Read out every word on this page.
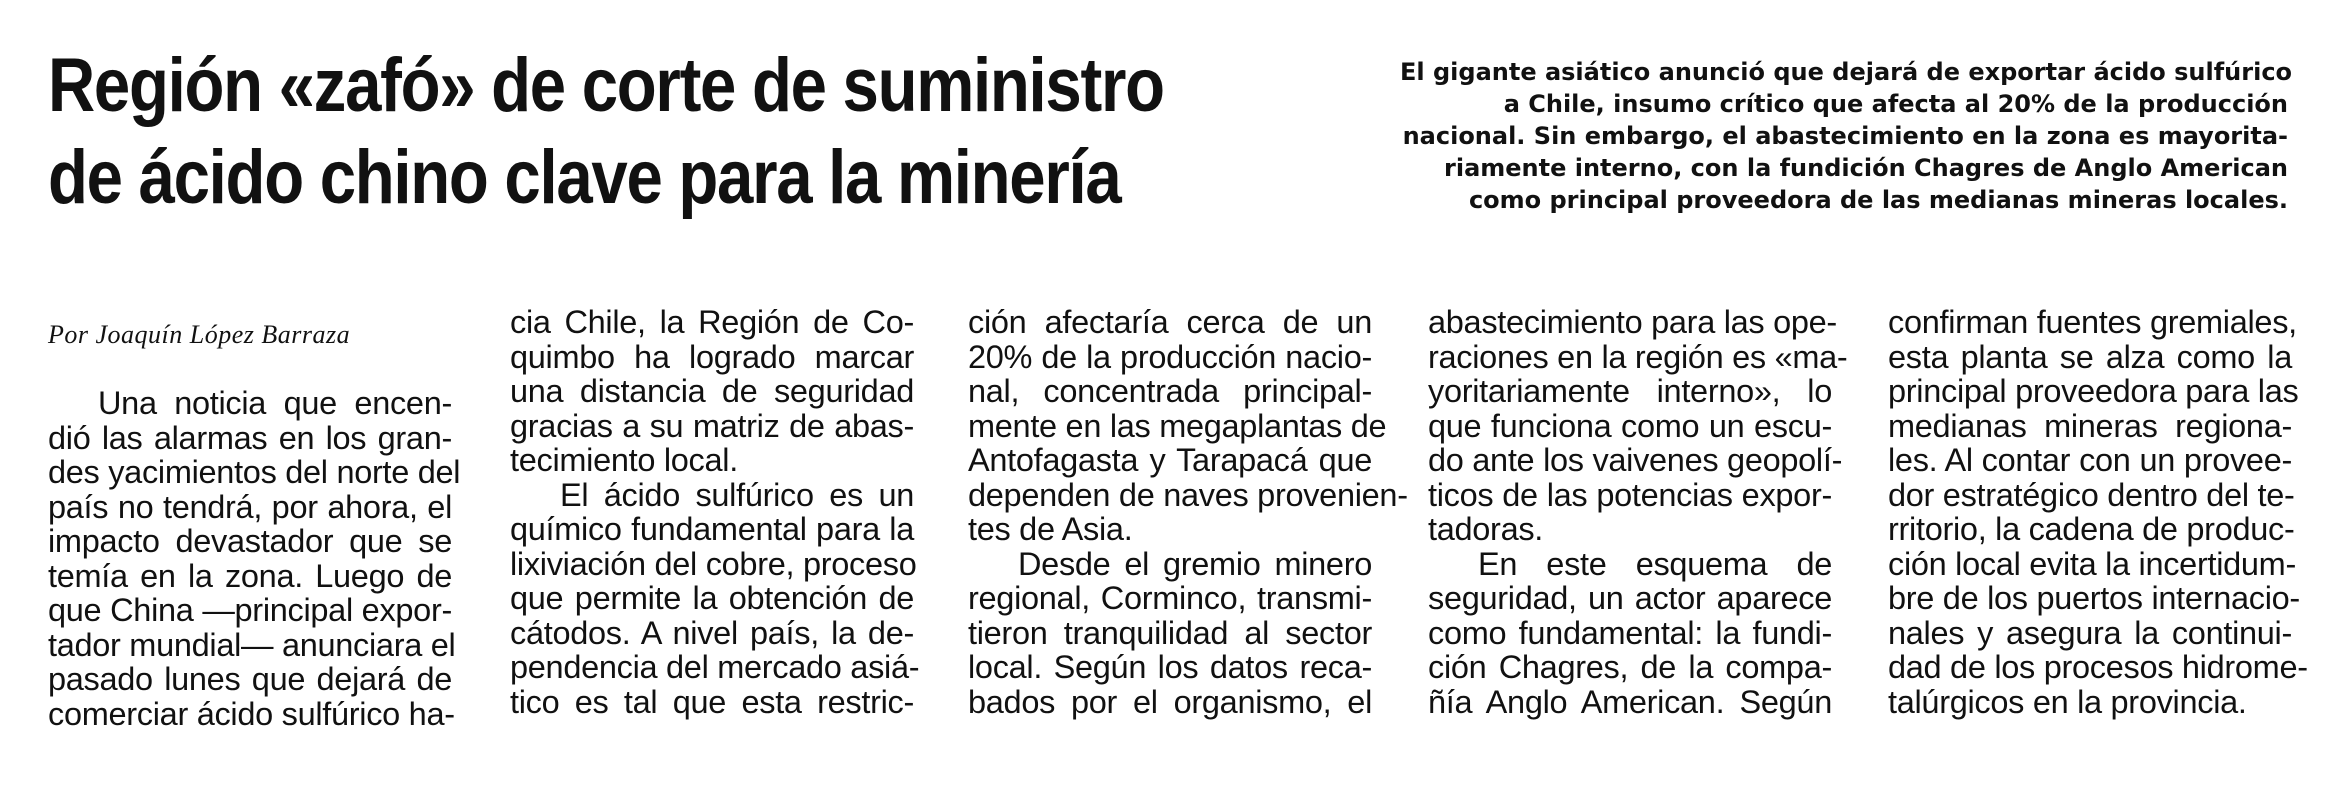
Región «zafó» de corte de suministro
de ácido chino clave para la minería
El gigante asiático anunció que dejará de exportar ácido sulfúrico
a Chile, insumo crítico que afecta al 20% de la producción
nacional. Sin embargo, el abastecimiento en la zona es mayorita-
riamente interno, con la fundición Chagres de Anglo American
como principal proveedora de las medianas mineras locales.
Por Joaquín López Barraza
Una noticia que encen-
dió las alarmas en los gran-
des yacimientos del norte del
país no tendrá, por ahora, el
impacto devastador que se
temía en la zona. Luego de
que China —principal expor-
tador mundial— anunciara el
pasado lunes que dejará de
comerciar ácido sulfúrico ha-
cia Chile, la Región de Co-
quimbo ha logrado marcar
una distancia de seguridad
gracias a su matriz de abas-
tecimiento local.
El ácido sulfúrico es un
químico fundamental para la
lixiviación del cobre, proceso
que permite la obtención de
cátodos. A nivel país, la de-
pendencia del mercado asiá-
tico es tal que esta restric-
ción afectaría cerca de un
20% de la producción nacio-
nal, concentrada principal-
mente en las megaplantas de
Antofagasta y Tarapacá que
dependen de naves provenien-
tes de Asia.
Desde el gremio minero
regional, Corminco, transmi-
tieron tranquilidad al sector
local. Según los datos reca-
bados por el organismo, el
abastecimiento para las ope-
raciones en la región es «ma-
yoritariamente interno», lo
que funciona como un escu-
do ante los vaivenes geopolí-
ticos de las potencias expor-
tadoras.
En este esquema de
seguridad, un actor aparece
como fundamental: la fundi-
ción Chagres, de la compa-
ñía Anglo American. Según
confirman fuentes gremiales,
esta planta se alza como la
principal proveedora para las
medianas mineras regiona-
les. Al contar con un provee-
dor estratégico dentro del te-
rritorio, la cadena de produc-
ción local evita la incertidum-
bre de los puertos internacio-
nales y asegura la continui-
dad de los procesos hidrome-
talúrgicos en la provincia.
